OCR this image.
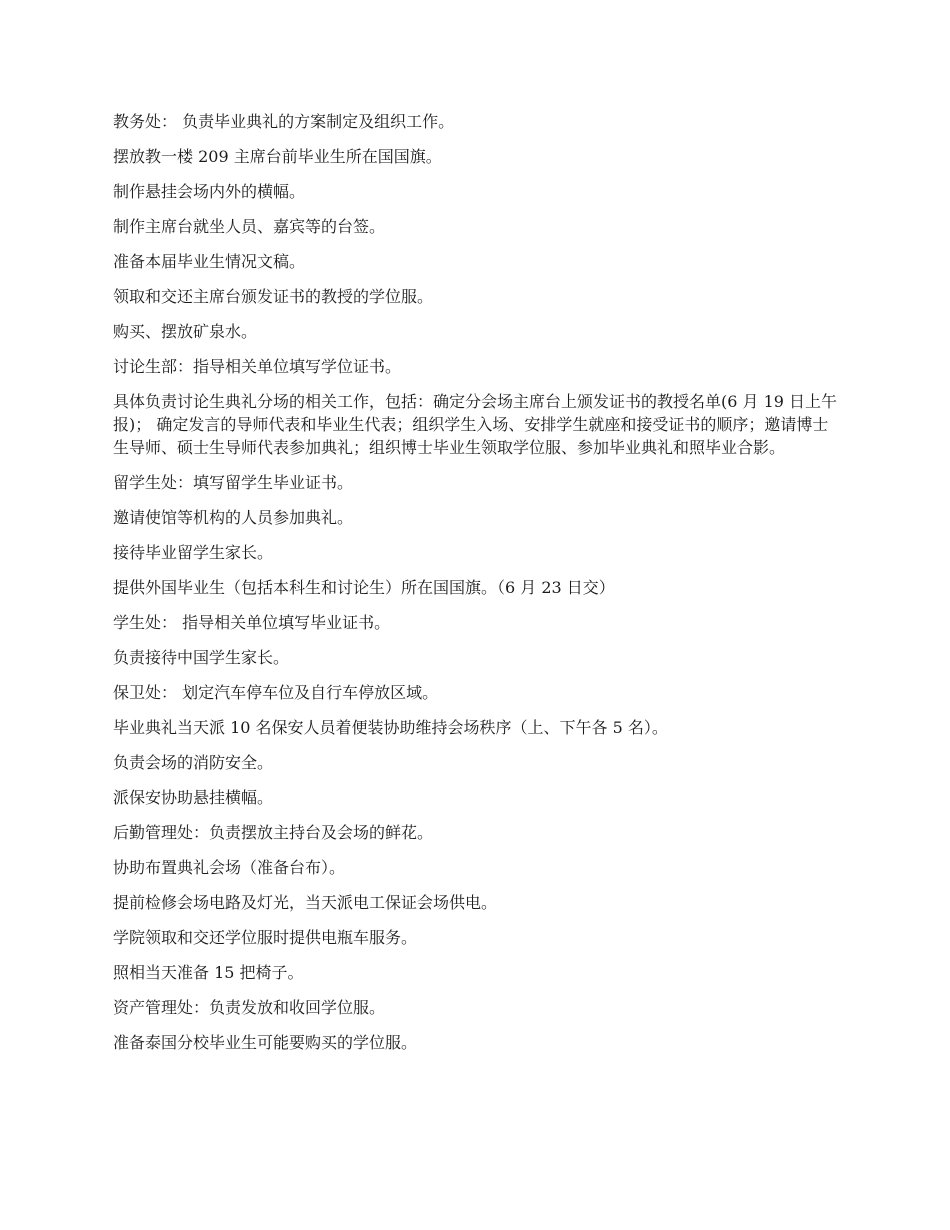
教务处： 负责毕业典礼的方案制定及组织工作。

摆放教一楼 209 主席台前毕业生所在国国旗。

制作悬挂会场内外的横幅。

制作主席台就坐人员、嘉宾等的台签。

准备本届毕业生情况文稿。

领取和交还主席台颁发证书的教授的学位服。

购买、摆放矿泉水。

讨论生部：指导相关单位填写学位证书。

具体负责讨论生典礼分场的相关工作，包括：确定分会场主席台上颁发证书的教授名单(6 月 19 日上午报)； 确定发言的导师代表和毕业生代表；组织学生入场、安排学生就座和接受证书的顺序；邀请博士生导师、硕士生导师代表参加典礼；组织博士毕业生领取学位服、参加毕业典礼和照毕业合影。

留学生处：填写留学生毕业证书。

邀请使馆等机构的人员参加典礼。

接待毕业留学生家长。

提供外国毕业生（包括本科生和讨论生）所在国国旗。（6 月 23 日交）

学生处： 指导相关单位填写毕业证书。

负责接待中国学生家长。

保卫处： 划定汽车停车位及自行车停放区域。

毕业典礼当天派 10 名保安人员着便装协助维持会场秩序（上、下午各 5 名）。

负责会场的消防安全。

派保安协助悬挂横幅。

后勤管理处：负责摆放主持台及会场的鲜花。

协助布置典礼会场（准备台布）。

提前检修会场电路及灯光，当天派电工保证会场供电。

学院领取和交还学位服时提供电瓶车服务。

照相当天准备 15 把椅子。

资产管理处：负责发放和收回学位服。

准备泰国分校毕业生可能要购买的学位服。
